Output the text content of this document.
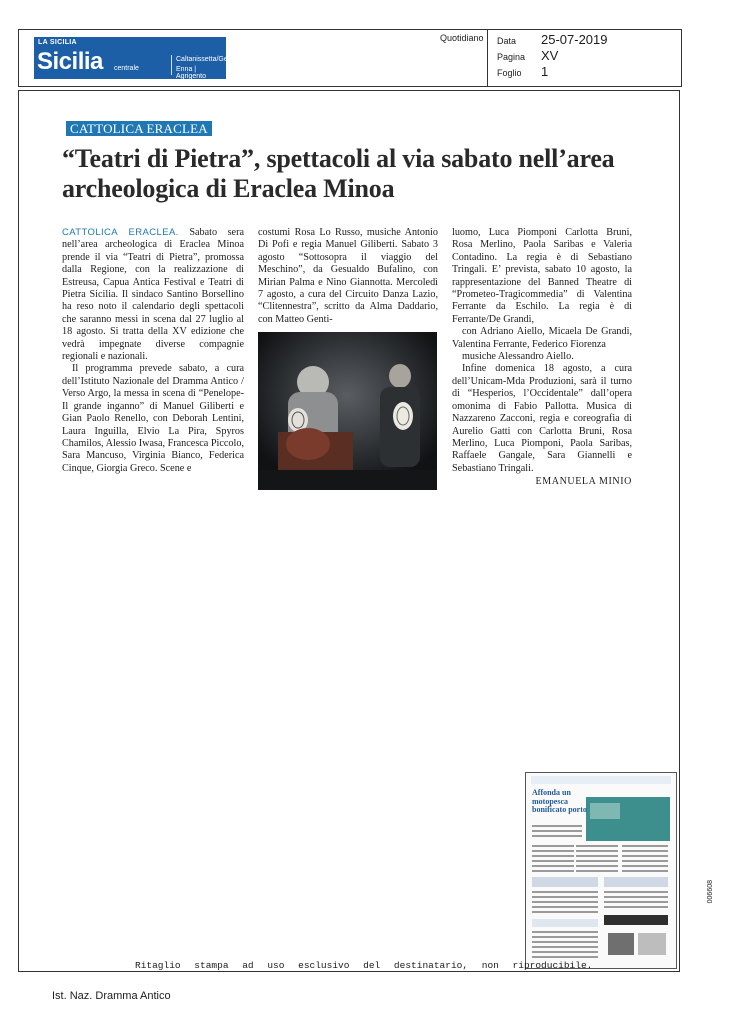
LA SICILIA
Sicilia centrale
Caltanissetta/Gela
Enna | Agrigento
Quotidiano Data 25-07-2019
Pagina XV
Foglio 1
CATTOLICA ERACLEA
“Teatri di Pietra”, spettacoli al via sabato nell’area archeologica di Eraclea Minoa

CATTOLICA ERACLEA. Sabato sera nell’area archeologica di Eraclea Minoa prende il via “Teatri di Pietra”, promossa dalla Regione, con la realizzazione di Estreusa, Capua Antica Festival e Teatri di Pietra Sicilia. Il sindaco Santino Borsellino ha reso noto il calendario degli spettacoli che saranno messi in scena dal 27 luglio al 18 agosto. Si tratta della XV edizione che vedrà impegnate diverse compagnie regionali e nazionali.

Il programma prevede sabato, a cura dell’Istituto Nazionale del Dramma Antico / Verso Argo, la messa in scena di “Penelope-Il grande inganno” di Manuel Giliberti e Gian Paolo Renello, con Deborah Lentini, Laura Inguilla, Elvio La Pira, Spyros Chamilos, Alessio Iwasa, Francesca Piccolo, Sara Mancuso, Virginia Bianco, Federica Cinque, Giorgia Greco. Scene e

costumi Rosa Lo Russo, musiche Antonio Di Pofi e regia Manuel Giliberti. Sabato 3 agosto “Sottosopra il viaggio del Meschino”, da Gesualdo Bufalino, con Mirian Palma e Nino Giannotta. Mercoledì 7 agosto, a cura del Circuito Danza Lazio, “Clitennestra”, scritto da Alma Daddario, con Matteo Genti-

luomo, Luca Piomponi Carlotta Bruni, Rosa Merlino, Paola Saribas e Valeria Contadino. La regia è di Sebastiano Tringali. E’ prevista, sabato 10 agosto, la rappresentazione del Banned Theatre di “Prometeo-Tragicommedia” di Valentina Ferrante da Eschilo. La regia è di Ferrante/De Grandi,

con Adriano Aiello, Micaela De Grandi, Valentina Ferrante, Federico Fiorenza

musiche Alessandro Aiello.

Infine domenica 18 agosto, a cura dell’Unicam-Mda Produzioni, sarà il turno di “Hesperios, l’Occidentale” dall’opera omonima di Fabio Pallotta. Musica di Nazzareno Zacconi, regia e coreografia di Aurelio Gatti con Carlotta Bruni, Rosa Merlino, Luca Piomponi, Paola Saribas, Raffaele Gangale, Sara Giannelli e Sebastiano Tringali.

EMANUELA MINIO

Affonda un motopesca bonificato porto

006608
Ritaglio stampa ad uso esclusivo del destinatario, non riproducibile.
Ist. Naz. Dramma Antico
